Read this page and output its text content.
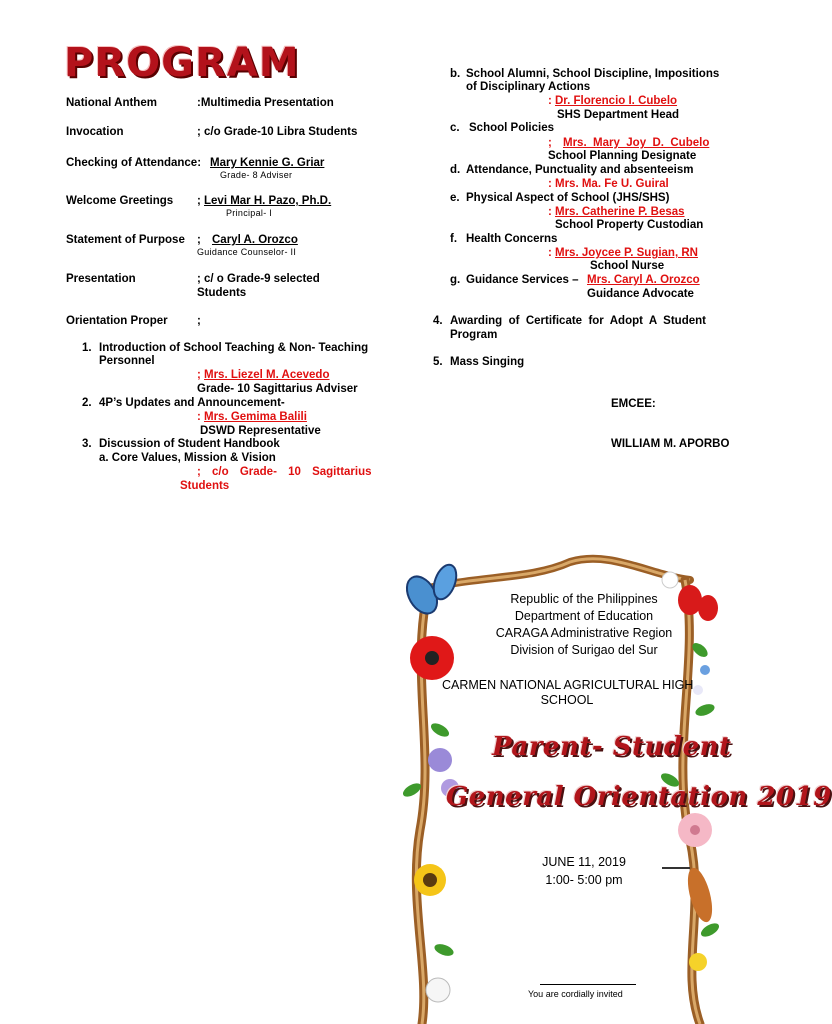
PROGRAM
National Anthem	:Multimedia Presentation
Invocation	; c/o Grade-10 Libra Students
Checking of Attendance: Mary Kennie G. Griar
Grade- 8 Adviser
Welcome Greetings ; Levi Mar H. Pazo, Ph.D.
Principal- I
Statement of Purpose ; Caryl A. Orozco
Guidance Counselor- II
Presentation	; c/ o Grade-9 selected
Students
Orientation Proper	;
1. Introduction of School Teaching & Non- Teaching
Personnel
; Mrs. Liezel M. Acevedo
Grade- 10 Sagittarius Adviser
2. 4P’s Updates and Announcement-
: Mrs. Gemima Balili
DSWD Representative
3. Discussion of Student Handbook
a. Core Values, Mission & Vision
; c/o Grade- 10 Sagittarius
Students
b. School Alumni, School Discipline, Impositions
of Disciplinary Actions
: Dr. Florencio I. Cubelo
SHS Department Head
c. School Policies
; Mrs.  Mary  Joy  D.  Cubelo
School Planning Designate
d. Attendance, Punctuality and absenteeism
: Mrs. Ma. Fe U. Guiral
e. Physical Aspect of School (JHS/SHS)
: Mrs. Catherine P. Besas
School Property Custodian
f. Health Concerns
: Mrs. Joycee P. Sugian, RN
School Nurse
g. Guidance Services – Mrs. Caryl A. Orozco
Guidance Advocate
4. Awarding  of  Certificate  for  Adopt  A  Student
Program
5. Mass Singing
EMCEE:
WILLIAM M. APORBO
Republic of the Philippines
Department of Education
CARAGA Administrative Region
Division of Surigao del Sur
CARMEN NATIONAL AGRICULTURAL HIGH
SCHOOL
Parent- Student
General Orientation 2019
JUNE 11, 2019
1:00- 5:00 pm
You are cordially invited
